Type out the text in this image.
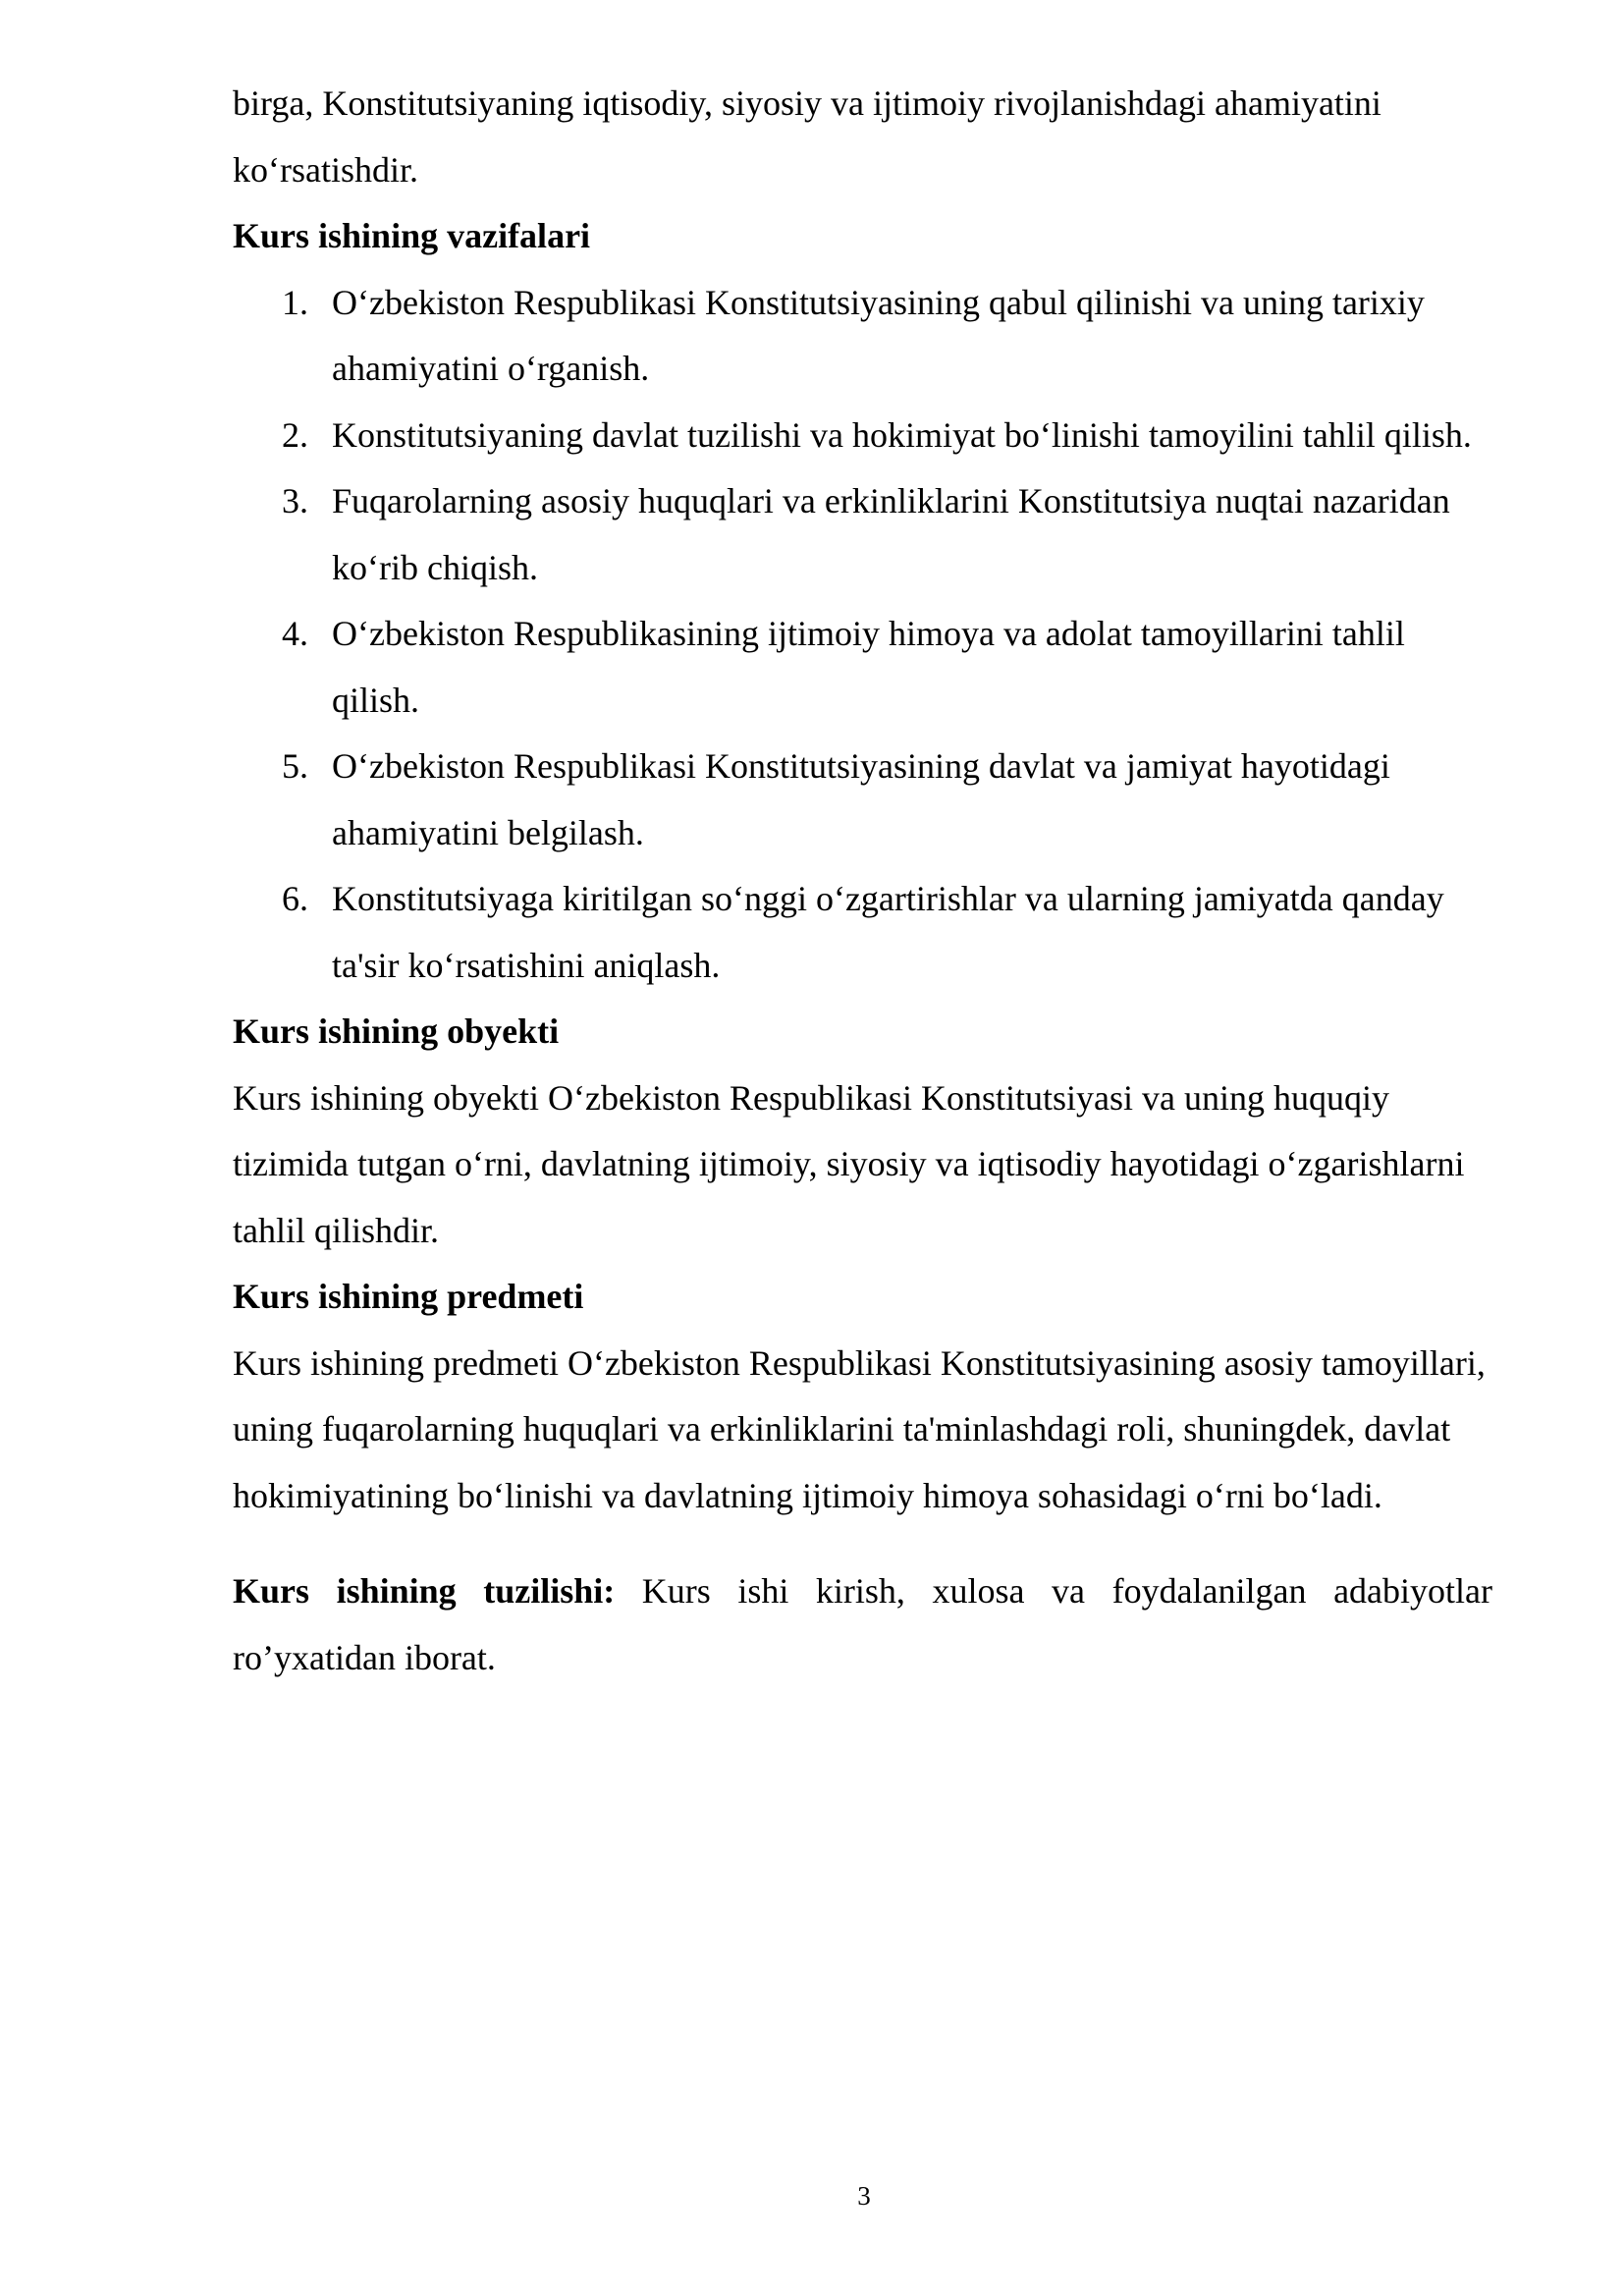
birga, Konstitutsiyaning iqtisodiy, siyosiy va ijtimoiy rivojlanishdagi ahamiyatini ko‘rsatishdir.

Kurs ishining vazifalari

1. O‘zbekiston Respublikasi Konstitutsiyasining qabul qilinishi va uning tarixiy ahamiyatini o‘rganish.
2. Konstitutsiyaning davlat tuzilishi va hokimiyat bo‘linishi tamoyilini tahlil qilish.
3. Fuqarolarning asosiy huquqlari va erkinliklarini Konstitutsiya nuqtai nazaridan ko‘rib chiqish.
4. O‘zbekiston Respublikasining ijtimoiy himoya va adolat tamoyillarini tahlil qilish.
5. O‘zbekiston Respublikasi Konstitutsiyasining davlat va jamiyat hayotidagi ahamiyatini belgilash.
6. Konstitutsiyaga kiritilgan so‘nggi o‘zgartirishlar va ularning jamiyatda qanday ta'sir ko‘rsatishini aniqlash.

Kurs ishining obyekti

Kurs ishining obyekti O‘zbekiston Respublikasi Konstitutsiyasi va uning huquqiy tizimida tutgan o‘rni, davlatning ijtimoiy, siyosiy va iqtisodiy hayotidagi o‘zgarishlarni tahlil qilishdir.

Kurs ishining predmeti

Kurs ishining predmeti O‘zbekiston Respublikasi Konstitutsiyasining asosiy tamoyillari, uning fuqarolarning huquqlari va erkinliklarini ta'minlashdagi roli, shuningdek, davlat hokimiyatining bo‘linishi va davlatning ijtimoiy himoya sohasidagi o‘rni bo‘ladi.

Kurs ishining tuzilishi: Kurs ishi kirish, xulosa va foydalanilgan adabiyotlar ro’yxatidan iborat.

3
